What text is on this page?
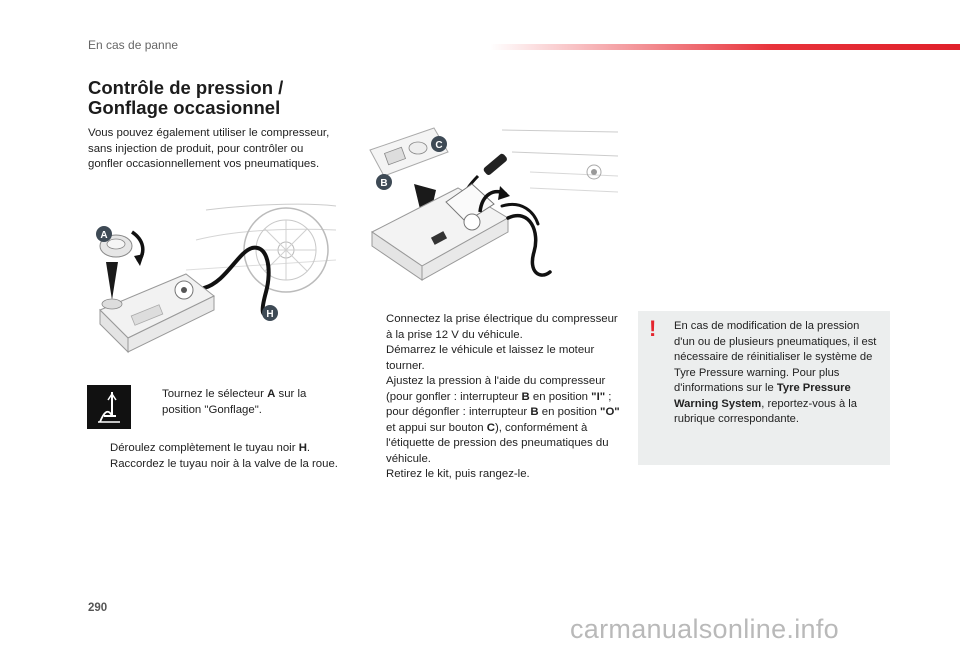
En cas de panne
Contrôle de pression /
Gonflage occasionnel

Vous pouvez également utiliser le compresseur, sans injection de produit, pour contrôler ou gonfler occasionnellement vos pneumatiques.

A
H
C
B
Tournez le sélecteur A sur la position "Gonflage".
Déroulez complètement le tuyau noir H.
Raccordez le tuyau noir à la valve de la roue.
Connectez la prise électrique du compresseur à la prise 12 V du véhicule.
Démarrez le véhicule et laissez le moteur tourner.
Ajustez la pression à l'aide du compresseur (pour gonfler : interrupteur B en position "I" ; pour dégonfler : interrupteur B en position "O" et appui sur bouton C), conformément à l'étiquette de pression des pneumatiques du véhicule.
Retirez le kit, puis rangez-le.
! En cas de modification de la pression d'un ou de plusieurs pneumatiques, il est nécessaire de réinitialiser le système de Tyre Pressure warning. Pour plus d'informations sur le Tyre Pressure Warning System, reportez-vous à la rubrique correspondante.
290
carmanualsonline.info
